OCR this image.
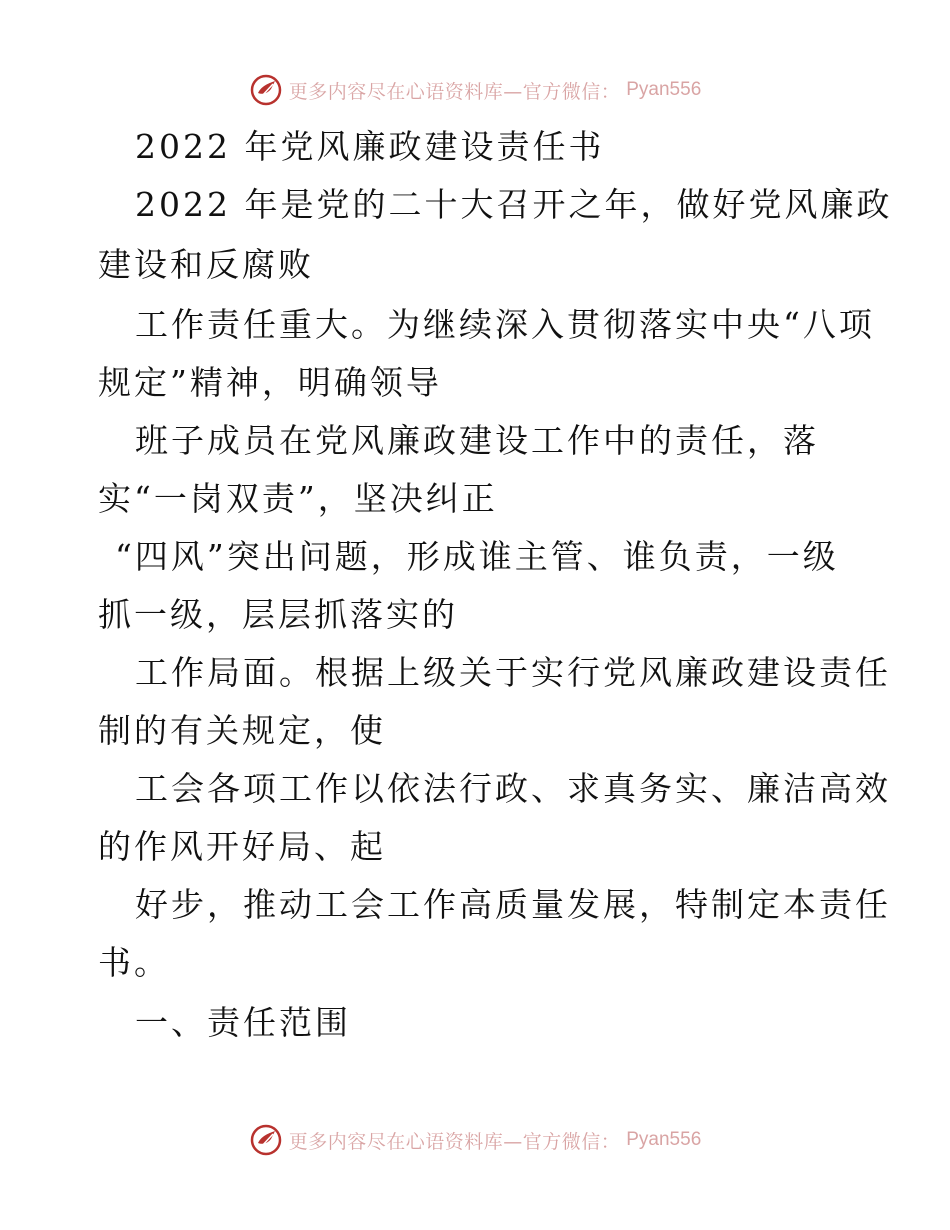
更多内容尽在心语资料库—官方微信： Pyan556
2022 年党风廉政建设责任书
2022 年是党的二十大召开之年，做好党风廉政
建设和反腐败
工作责任重大。为继续深入贯彻落实中央“八项
规定”精神，明确领导
班子成员在党风廉政建设工作中的责任，落
实“一岗双责”，坚决纠正
“四风”突出问题，形成谁主管、谁负责，一级
抓一级，层层抓落实的
工作局面。根据上级关于实行党风廉政建设责任
制的有关规定，使
工会各项工作以依法行政、求真务实、廉洁高效
的作风开好局、起
好步，推动工会工作高质量发展，特制定本责任
书。
一、责任范围
更多内容尽在心语资料库—官方微信： Pyan556
